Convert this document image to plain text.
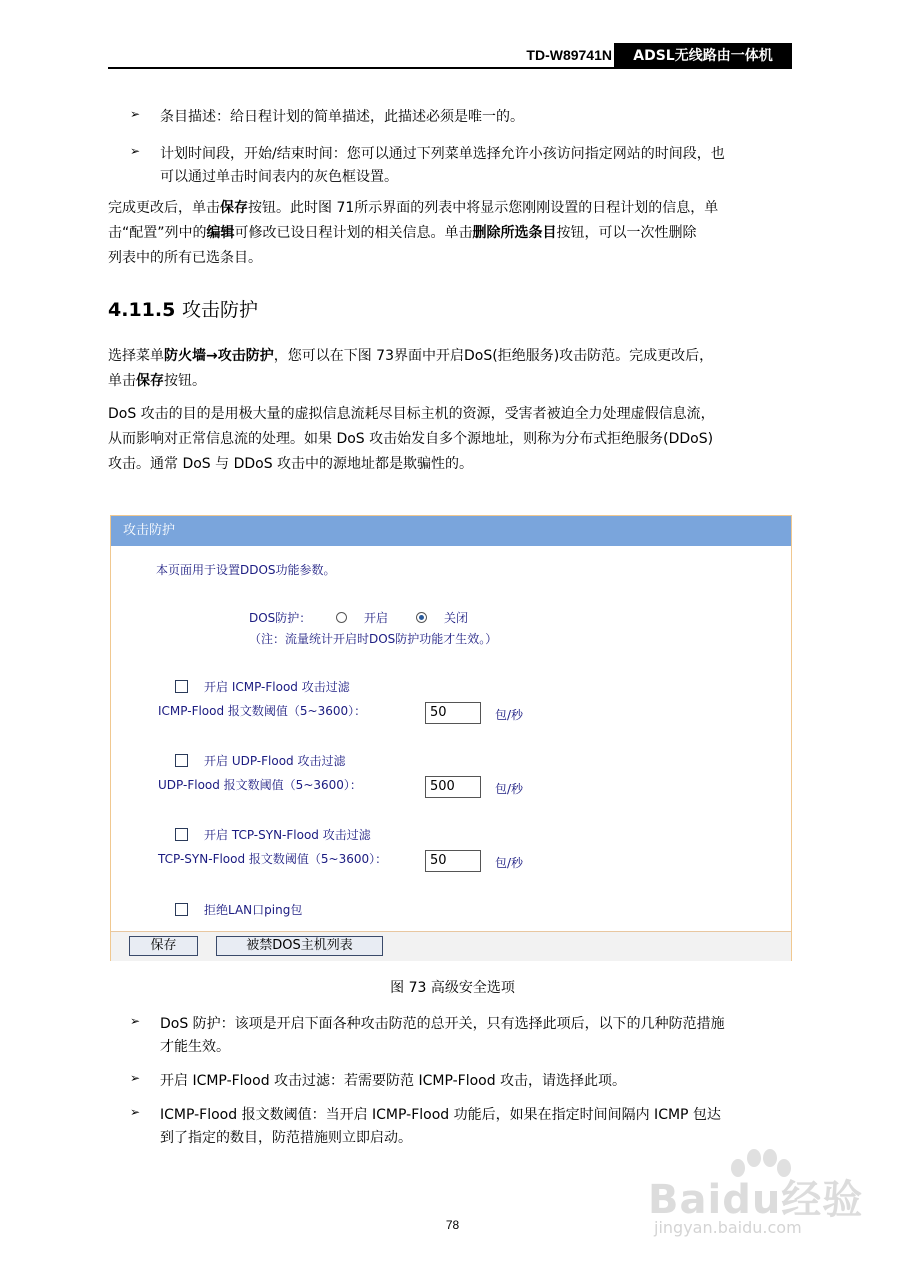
TD-W89741N	ADSL无线路由一体机
➢ 条目描述：给日程计划的简单描述，此描述必须是唯一的。
➢ 计划时间段，开始/结束时间：您可以通过下列菜单选择允许小孩访问指定网站的时间段，也
可以通过单击时间表内的灰色框设置。
完成更改后，单击保存按钮。此时图 71所示界面的列表中将显示您刚刚设置的日程计划的信息，单
击“配置”列中的编辑可修改已设日程计划的相关信息。单击删除所选条目按钮，可以一次性删除
列表中的所有已选条目。
4.11.5 攻击防护
选择菜单防火墙→攻击防护，您可以在下图 73界面中开启DoS(拒绝服务)攻击防范。完成更改后，
单击保存按钮。
DoS 攻击的目的是用极大量的虚拟信息流耗尽目标主机的资源，受害者被迫全力处理虚假信息流，
从而影响对正常信息流的处理。如果 DoS 攻击始发自多个源地址，则称为分布式拒绝服务(DDoS)
攻击。通常 DoS 与 DDoS 攻击中的源地址都是欺骗性的。
攻击防护
本页面用于设置DDOS功能参数。
DOS防护：	开启	关闭
（注：流量统计开启时DOS防护功能才生效。）
开启 ICMP-Flood 攻击过滤
ICMP-Flood 报文数阈值（5~3600）：	50	包/秒
开启 UDP-Flood 攻击过滤
UDP-Flood 报文数阈值（5~3600）：	500	包/秒
开启 TCP-SYN-Flood 攻击过滤
TCP-SYN-Flood 报文数阈值（5~3600）：	50	包/秒
拒绝LAN口ping包
保存	被禁DOS主机列表
图 73 高级安全选项
➢ DoS 防护：该项是开启下面各种攻击防范的总开关，只有选择此项后，以下的几种防范措施
才能生效。
➢ 开启 ICMP-Flood 攻击过滤：若需要防范 ICMP-Flood 攻击，请选择此项。
➢ ICMP-Flood 报文数阈值：当开启 ICMP-Flood 功能后，如果在指定时间间隔内 ICMP 包达
到了指定的数目，防范措施则立即启动。
78
Baidu经验
jingyan.baidu.com
